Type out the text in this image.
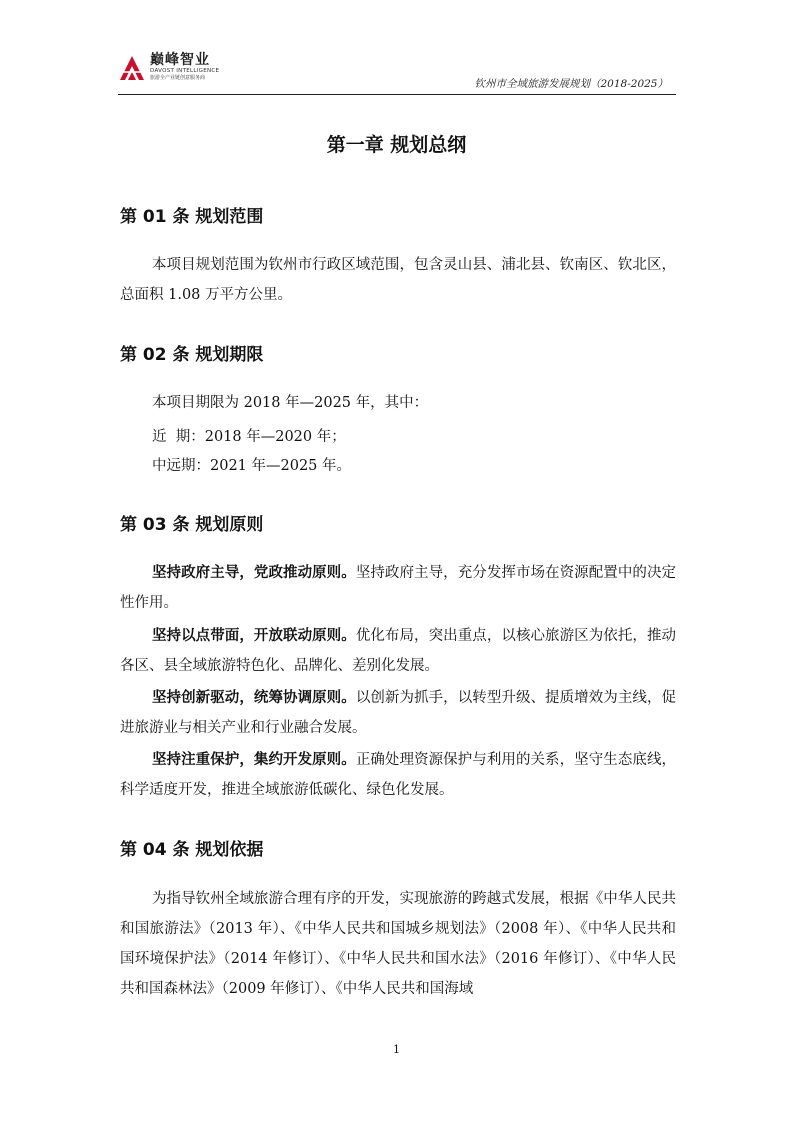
巅峰智业
DAVOST INTELLIGENCE
旅游全产业链创意服务商	钦州市全域旅游发展规划（2018-2025）
第一章 规划总纲
第 01 条 规划范围

本项目规划范围为钦州市行政区域范围，包含灵山县、浦北县、钦南区、钦北区，总面积 1.08 万平方公里。

第 02 条 规划期限

本项目期限为 2018 年—2025 年，其中：

近  期：2018 年—2020 年；

中远期：2021 年—2025 年。

第 03 条 规划原则

坚持政府主导，党政推动原则。坚持政府主导，充分发挥市场在资源配置中的决定性作用。

坚持以点带面，开放联动原则。优化布局，突出重点，以核心旅游区为依托，推动各区、县全域旅游特色化、品牌化、差别化发展。

坚持创新驱动，统筹协调原则。以创新为抓手，以转型升级、提质增效为主线，促进旅游业与相关产业和行业融合发展。

坚持注重保护，集约开发原则。正确处理资源保护与利用的关系，坚守生态底线，科学适度开发，推进全域旅游低碳化、绿色化发展。

第 04 条 规划依据

为指导钦州全域旅游合理有序的开发，实现旅游的跨越式发展，根据《中华人民共和国旅游法》（2013 年）、《中华人民共和国城乡规划法》（2008 年）、《中华人民共和国环境保护法》（2014 年修订）、《中华人民共和国水法》（2016 年修订）、《中华人民共和国森林法》（2009 年修订）、《中华人民共和国海域

1
